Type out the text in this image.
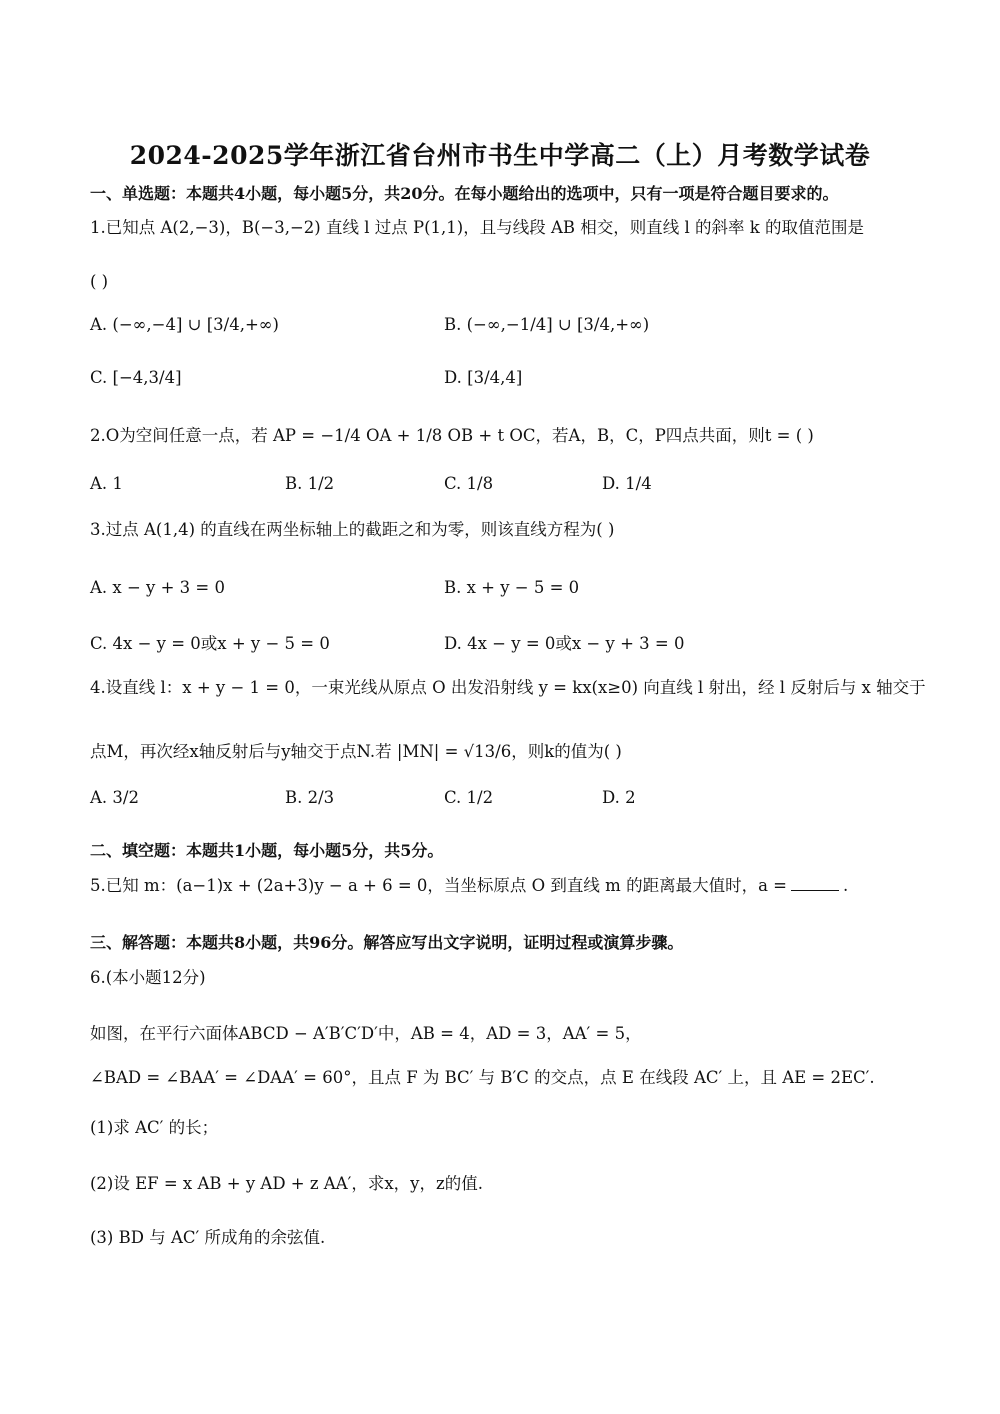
2024-2025学年浙江省台州市书生中学高二（上）月考数学试卷
一、单选题：本题共4小题，每小题5分，共20分。在每小题给出的选项中，只有一项是符合题目要求的。
1.已知点 A(2,−3)，B(−3,−2) 直线 l 过点 P(1,1)，且与线段 AB 相交，则直线 l 的斜率 k 的取值范围是
( )
A. (−∞,−4] ∪ [3/4,+∞)	B. (−∞,−1/4] ∪ [3/4,+∞)
C. [−4,3/4]	D. [3/4,4]
2.O为空间任意一点，若 AP = −1/4 OA + 1/8 OB + t OC，若A，B，C，P四点共面，则t = ( )
A. 1	B. 1/2	C. 1/8	D. 1/4
3.过点 A(1,4) 的直线在两坐标轴上的截距之和为零，则该直线方程为( )
A. x − y + 3 = 0	B. x + y − 5 = 0
C. 4x − y = 0或x + y − 5 = 0	D. 4x − y = 0或x − y + 3 = 0
4.设直线 l：x + y − 1 = 0，一束光线从原点 O 出发沿射线 y = kx(x≥0) 向直线 l 射出，经 l 反射后与 x 轴交于
点M，再次经x轴反射后与y轴交于点N.若 |MN| = √13/6，则k的值为( )
A. 3/2	B. 2/3	C. 1/2	D. 2
二、填空题：本题共1小题，每小题5分，共5分。
5.已知 m：(a−1)x + (2a+3)y − a + 6 = 0，当坐标原点 O 到直线 m 的距离最大值时，a =	.
三、解答题：本题共8小题，共96分。解答应写出文字说明，证明过程或演算步骤。
6.(本小题12分)
如图，在平行六面体ABCD − A′B′C′D′中，AB = 4，AD = 3，AA′ = 5，
∠BAD = ∠BAA′ = ∠DAA′ = 60°，且点 F 为 BC′ 与 B′C 的交点，点 E 在线段 AC′ 上，且 AE = 2EC′.
(1)求 AC′ 的长；
(2)设 EF = x AB + y AD + z AA′，求x，y，z的值.
(3) BD 与 AC′ 所成角的余弦值.
